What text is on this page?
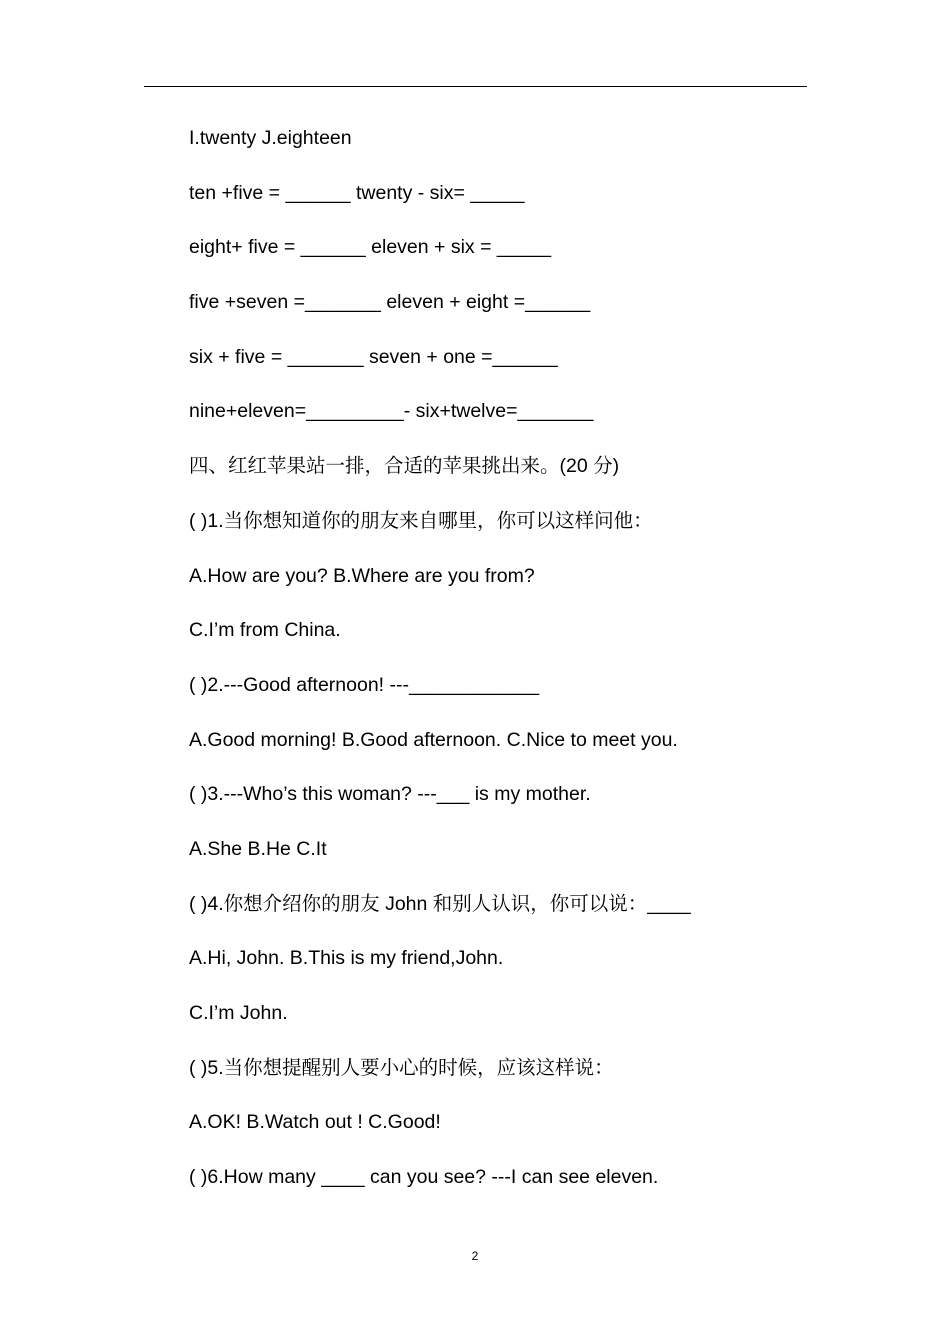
I.twenty J.eighteen
ten +five = ______ twenty - six= _____
eight+ five = ______ eleven + six = _____
five +seven =_______ eleven + eight =______
six + five = _______ seven + one =______
nine+eleven=_________- six+twelve=_______
四、红红苹果站一排，合适的苹果挑出来。(20 分)
( )1.当你想知道你的朋友来自哪里，你可以这样问他：
A.How are you? B.Where are you from?
C.I’m from China.
( )2.---Good afternoon! ---____________
A.Good morning! B.Good afternoon. C.Nice to meet you.
( )3.---Who’s this woman? ---___ is my mother.
A.She B.He C.It
( )4.你想介绍你的朋友 John 和别人认识，你可以说：____
A.Hi, John. B.This is my friend,John.
C.I’m John.
( )5.当你想提醒别人要小心的时候，应该这样说：
A.OK! B.Watch out ! C.Good!
( )6.How many ____ can you see? ---I can see eleven.
2
